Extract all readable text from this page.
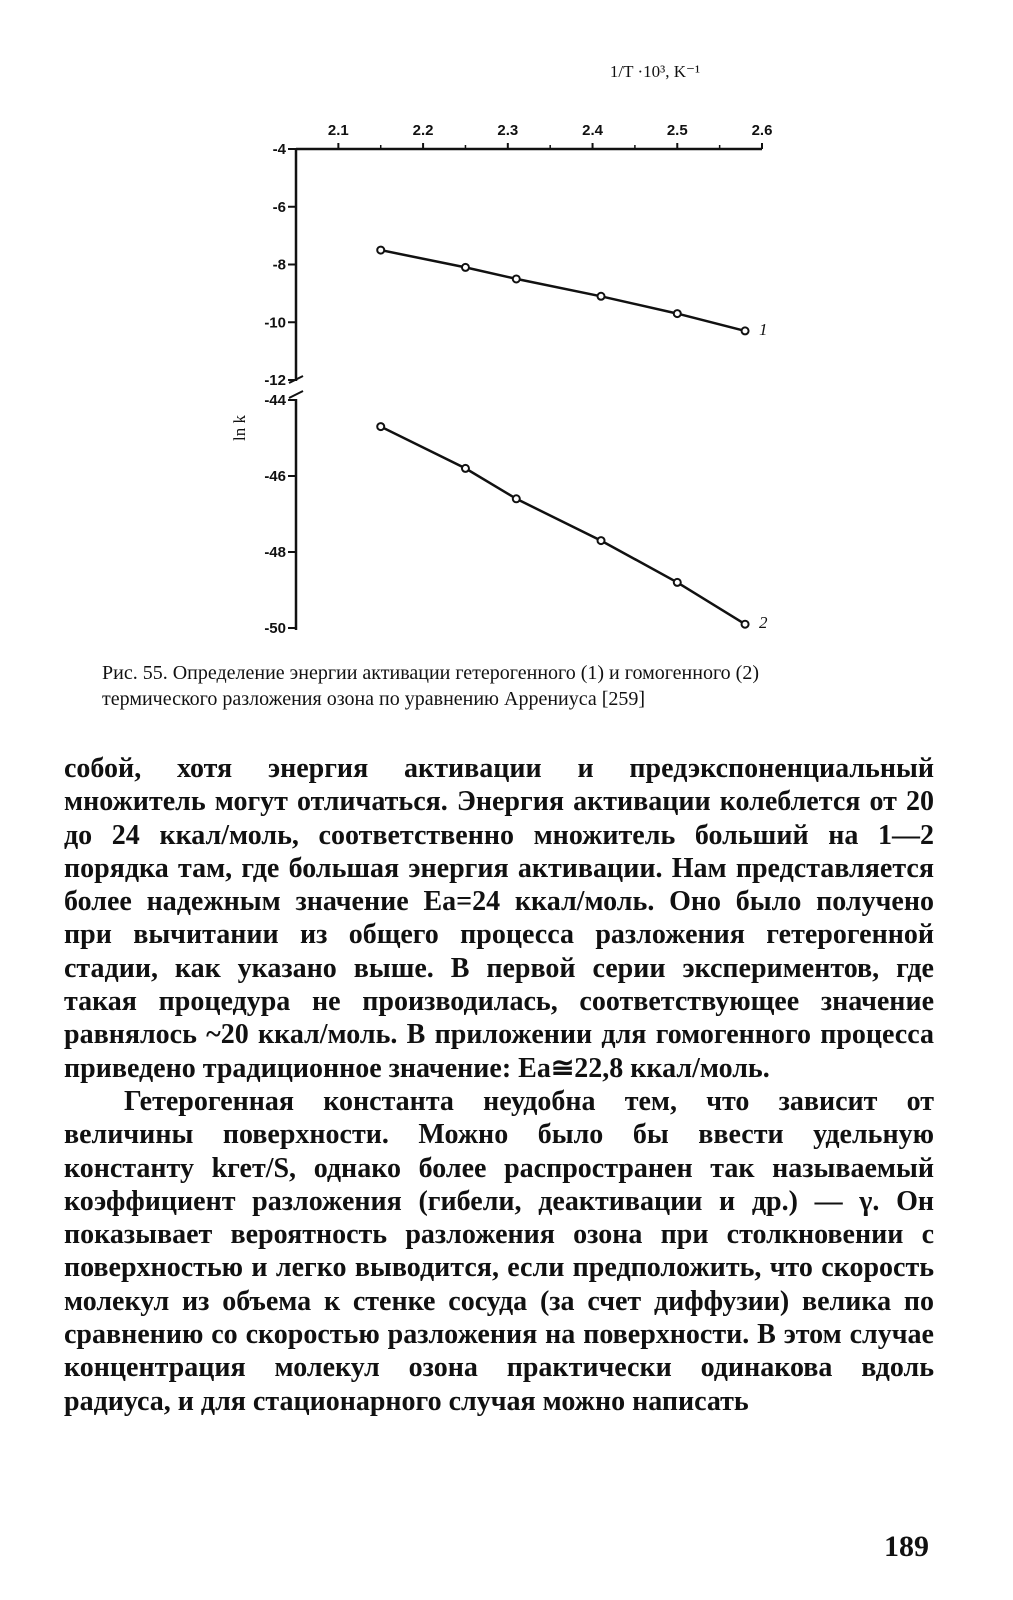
1/T ·10³, K⁻¹
ln k
2.1	2.2	2.3	2.4	2.5	2.6
-4
-6
-8
-10
-12
-44
-46
-48
-50
1
2
Рис. 55. Определение энергии активации гетерогенного (1) и гомогенного (2)
термического разложения озона по уравнению Аррениуса [259]

собой, хотя энергия активации и предэкспоненциальный множитель могут отличаться. Энергия активации колеблется от 20 до 24 ккал/моль, соответственно множитель больший на 1—2 порядка там, где большая энергия активации. Нам представляется более надежным значение Eа=24 ккал/моль. Оно было получено при вычитании из общего процесса разложения гетерогенной стадии, как указано выше. В первой серии экспериментов, где такая процедура не производилась, соответствующее значение равнялось ~20 ккал/моль. В приложении для гомогенного процесса приведено традиционное значение: Eа≅22,8 ккал/моль.

Гетерогенная константа неудобна тем, что зависит от величины поверхности. Можно было бы ввести удельную константу kгет/S, однако более распространен так называемый коэффициент разложения (гибели, деактивации и др.) — γ. Он показывает вероятность разложения озона при столкновении с поверхностью и легко выводится, если предположить, что скорость молекул из объема к стенке сосуда (за счет диффузии) велика по сравнению со скоростью разложения на поверхности. В этом случае концентрация молекул озона практически одинакова вдоль радиуса, и для стационарного случая можно написать

189
